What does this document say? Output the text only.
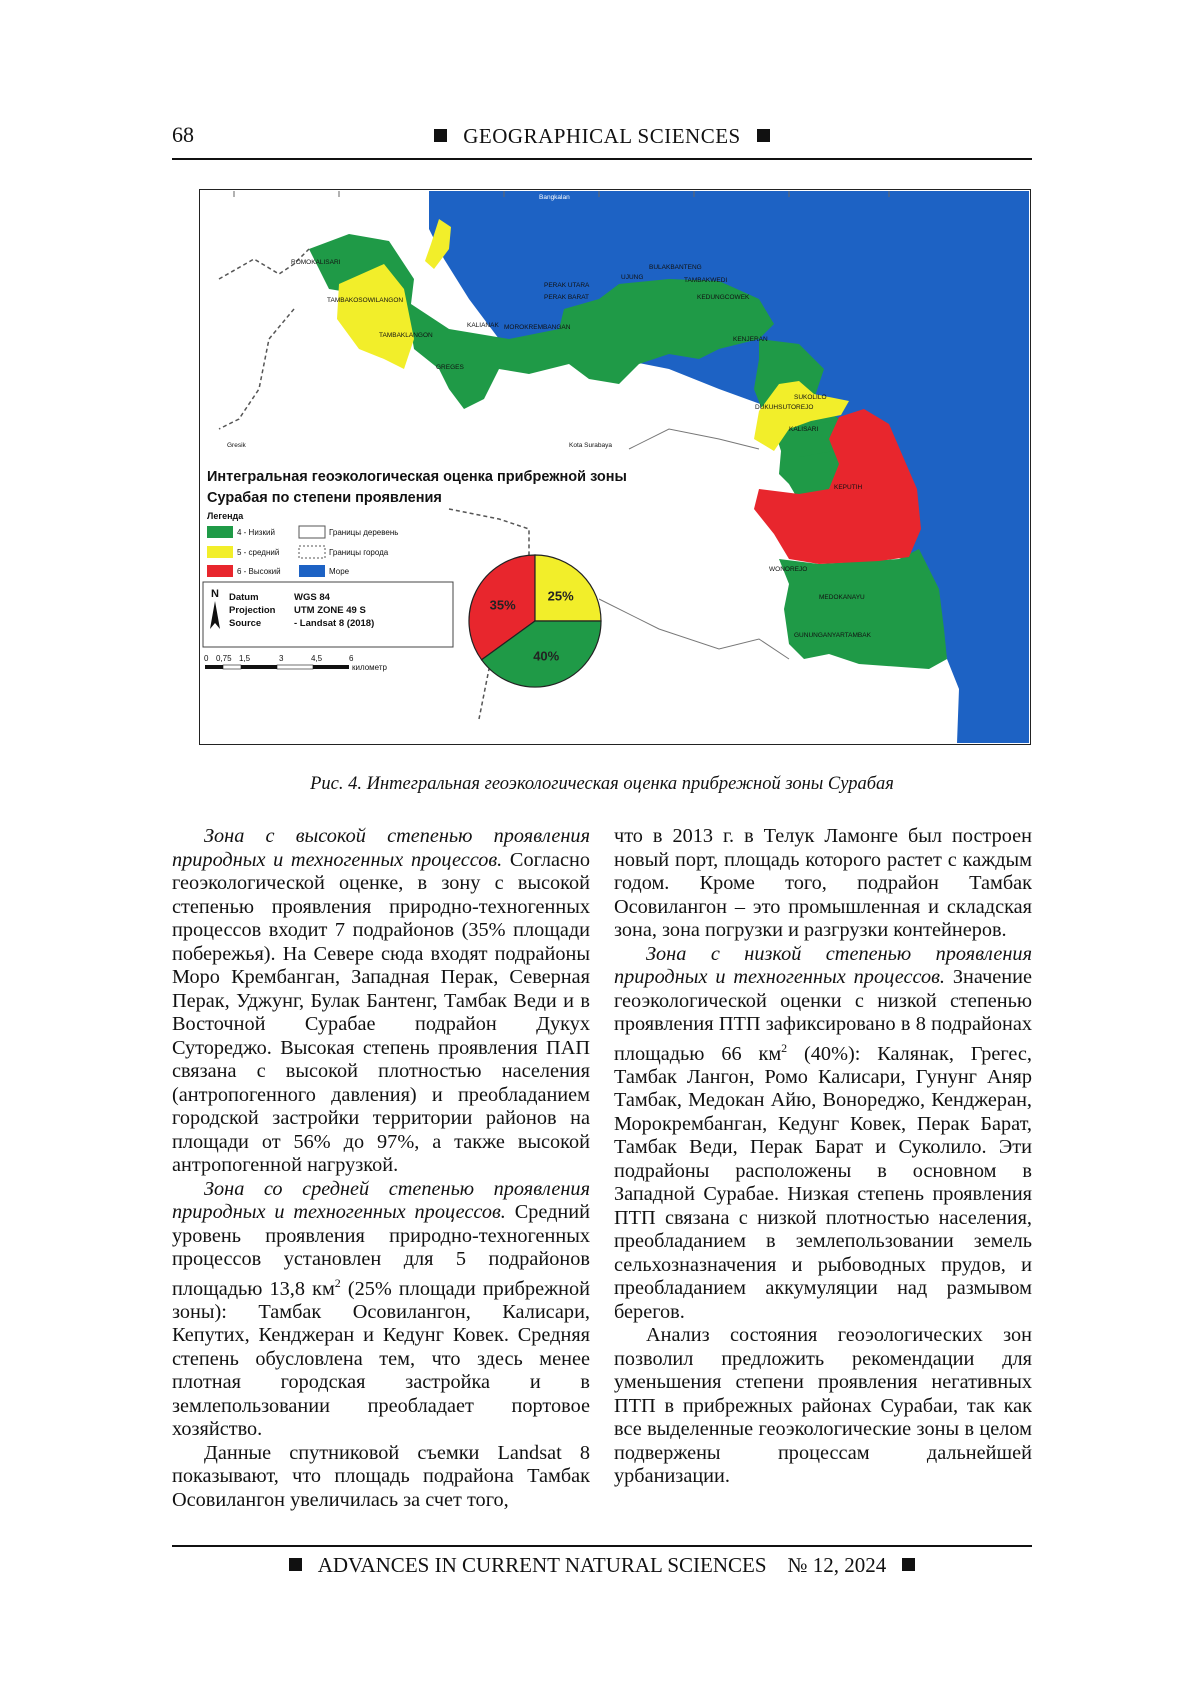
68	GEOGRAPHICAL SCIENCES
Gresik	Kota Surabaya
Bangkalan
ROMOKALISARI
TAMBAKOSOWILANGON
TAMBAKLANGON
GREGES
KALIANAK MOROKREMBANGAN
PERAK BARAT
PERAK UTARA
UJUNG
BULAKBANTENG
TAMBAKWEDI
KEDUNGCOWEK
KENJERAN
SUKOLILO
DUKUHSUTOREJO
KALISARI
KEPUTIH
WONOREJO
MEDOKANAYU
GUNUNGANYARTAMBAK
Интегральная геоэкологическая оценка прибрежной зоны
Сурабая по степени проявления
Легенда
4 - Низкий
5 - средний
6 - Высокий
Границы деревень
Границы города
Море
N Datum	WGS 84
Projection UTM ZONE 49 S
Source	- Landsat 8 (2018)
0 0,75 1,5	3	4,5	6
километр
35%
25%
40%
Рис. 4. Интегральная геоэкологическая оценка прибрежной зоны Сурабая

Зона с высокой степенью проявления природных и техногенных процессов. Согласно геоэкологической оценке, в зону с высокой степенью проявления природно-техногенных процессов входит 7 подрайонов (35% площади побережья). На Севере сюда входят подрайоны Моро Крембанган, Западная Перак, Северная Перак, Уджунг, Булак Бантенг, Тамбак Веди и в Восточной Сурабае подрайон Дукух Сутореджо. Высокая степень проявления ПАП связана с высокой плотностью населения (антропогенного давления) и преобладанием городской застройки территории районов на площади от 56% до 97%, а также высокой антропогенной нагрузкой.

Зона со средней степенью проявления природных и техногенных процессов. Средний уровень проявления природно-техногенных процессов установлен для 5 подрайонов площадью 13,8 $км^2$ (25% площади прибрежной зоны): Тамбак Осовилангон, Калисари, Кепутих, Кенджеран и Кедунг Ковек. Средняя степень обусловлена тем, что здесь менее плотная городская застройка и в землепользовании преобладает портовое хозяйство.

Данные спутниковой съемки Landsat 8 показывают, что площадь подрайона Тамбак Осовилангон увеличилась за счет того,

что в 2013 г. в Телук Ламонге был построен новый порт, площадь которого растет с каждым годом. Кроме того, подрайон Тамбак Осовилангон – это промышленная и складская зона, зона погрузки и разгрузки контейнеров.

Зона с низкой степенью проявления природных и техногенных процессов. Значение геоэкологической оценки с низкой степенью проявления ПТП зафиксировано в 8 подрайонах площадью 66 $км^2$ (40%): Калянак, Грегес, Тамбак Лангон, Ромо Калисари, Гунунг Аняр Тамбак, Медокан Айю, Вонореджо, Кенджеран, Морокрембанган, Кедунг Ковек, Перак Барат, Тамбак Веди, Перак Барат и Суколило. Эти подрайоны расположены в основном в Западной Сурабае. Низкая степень проявления ПТП связана с низкой плотностью населения, преобладанием в землепользовании земель сельхозназначения и рыбоводных прудов, и преобладанием аккумуляции над размывом берегов.

Анализ состояния геоэологических зон позволил предложить рекомендации для уменьшения степени проявления негативных ПТП в прибрежных районах Сурабаи, так как все выделенные геоэкологические зоны в целом подвержены процессам дальнейшей урбанизации.

ADVANCES IN CURRENT NATURAL SCIENCES № 12, 2024
